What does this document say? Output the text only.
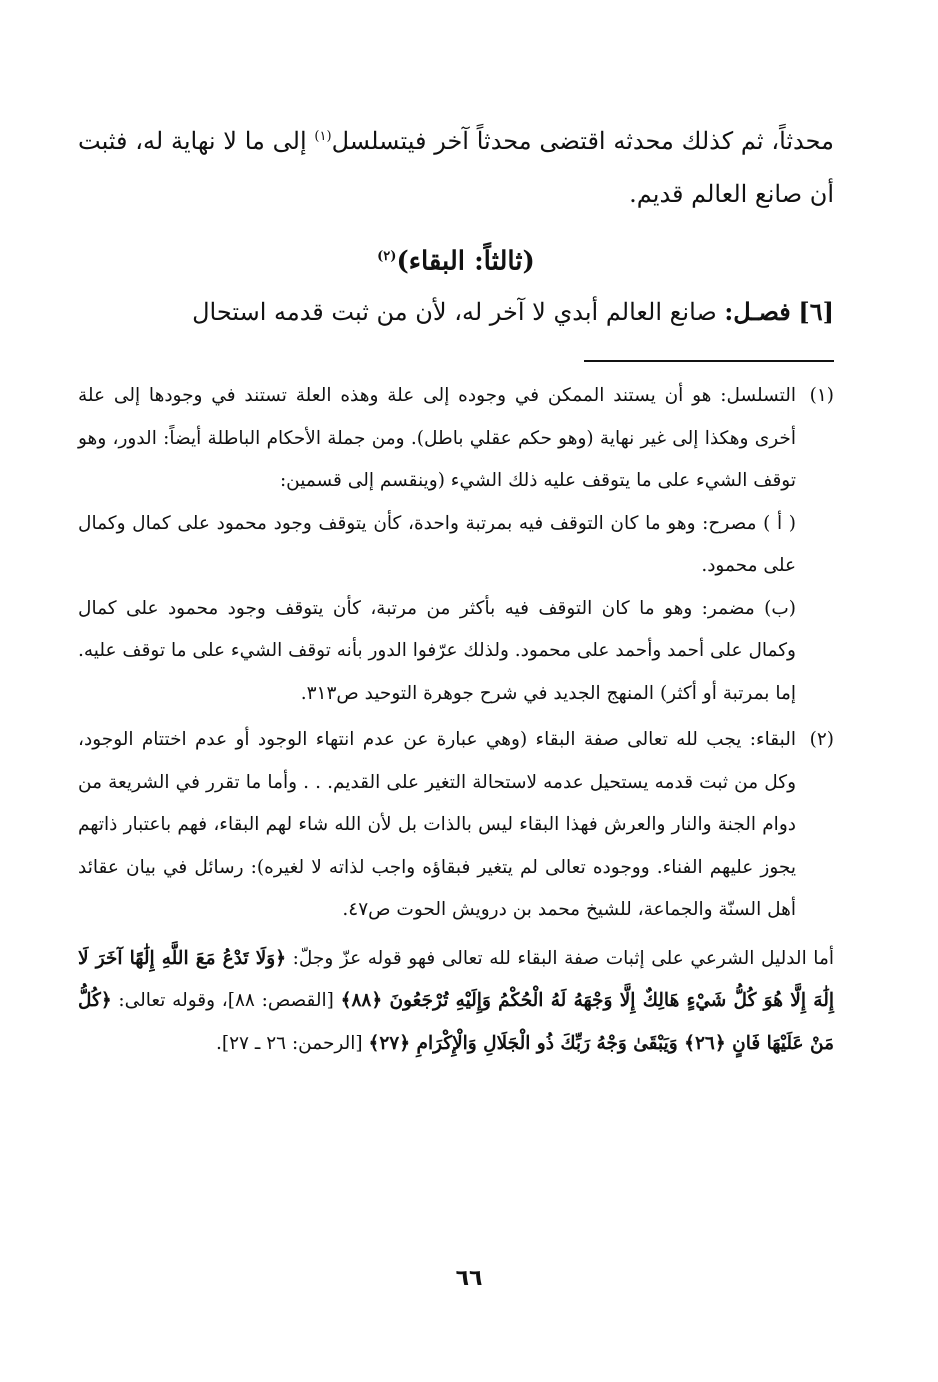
محدثاً، ثم كذلك محدثه اقتضى محدثاً آخر فيتسلسل$^{(١)}$ إلى ما لا نهاية له، فثبت أن صانع العالم قديم.

(ثالثاً: البقاء)$^{(٢)}$

[٦] فصـل: صانع العالم أبدي لا آخر له، لأن من ثبت قدمه استحال

(١)

التسلسل: هو أن يستند الممكن في وجوده إلى علة وهذه العلة تستند في وجودها إلى علة أخرى وهكذا إلى غير نهاية (وهو حكم عقلي باطل). ومن جملة الأحكام الباطلة أيضاً: الدور، وهو توقف الشيء على ما يتوقف عليه ذلك الشيء (وينقسم إلى قسمين:

( أ ) مصرح: وهو ما كان التوقف فيه بمرتبة واحدة، كأن يتوقف وجود محمود على كمال وكمال على محمود.

(ب) مضمر: وهو ما كان التوقف فيه بأكثر من مرتبة، كأن يتوقف وجود محمود على كمال وكمال على أحمد وأحمد على محمود. ولذلك عرّفوا الدور بأنه توقف الشيء على ما توقف عليه. إما بمرتبة أو أكثر) المنهج الجديد في شرح جوهرة التوحيد ص٣١٣.

(٢)

البقاء: يجب لله تعالى صفة البقاء (وهي عبارة عن عدم انتهاء الوجود أو عدم اختتام الوجود، وكل من ثبت قدمه يستحيل عدمه لاستحالة التغير على القديم. . . وأما ما تقرر في الشريعة من دوام الجنة والنار والعرش فهذا البقاء ليس بالذات بل لأن الله شاء لهم البقاء، فهم باعتبار ذاتهم يجوز عليهم الفناء. ووجوده تعالى لم يتغير فبقاؤه واجب لذاته لا لغيره): رسائل في بيان عقائد أهل السنّة والجماعة، للشيخ محمد بن درويش الحوت ص٤٧.

أما الدليل الشرعي على إثبات صفة البقاء لله تعالى فهو قوله عزّ وجلّ: ﴿وَلَا تَدْعُ مَعَ اللَّهِ إِلَٰهًا آخَرَ لَا إِلَٰهَ إِلَّا هُوَ كُلُّ شَيْءٍ هَالِكٌ إِلَّا وَجْهَهُ لَهُ الْحُكْمُ وَإِلَيْهِ تُرْجَعُونَ ﴿٨٨﴾ [القصص: ٨٨]، وقوله تعالى: ﴿كُلُّ مَنْ عَلَيْهَا فَانٍ ﴿٢٦﴾ وَيَبْقَىٰ وَجْهُ رَبِّكَ ذُو الْجَلَالِ وَالْإِكْرَامِ ﴿٢٧﴾ [الرحمن: ٢٦ ـ ٢٧].

٦٦
